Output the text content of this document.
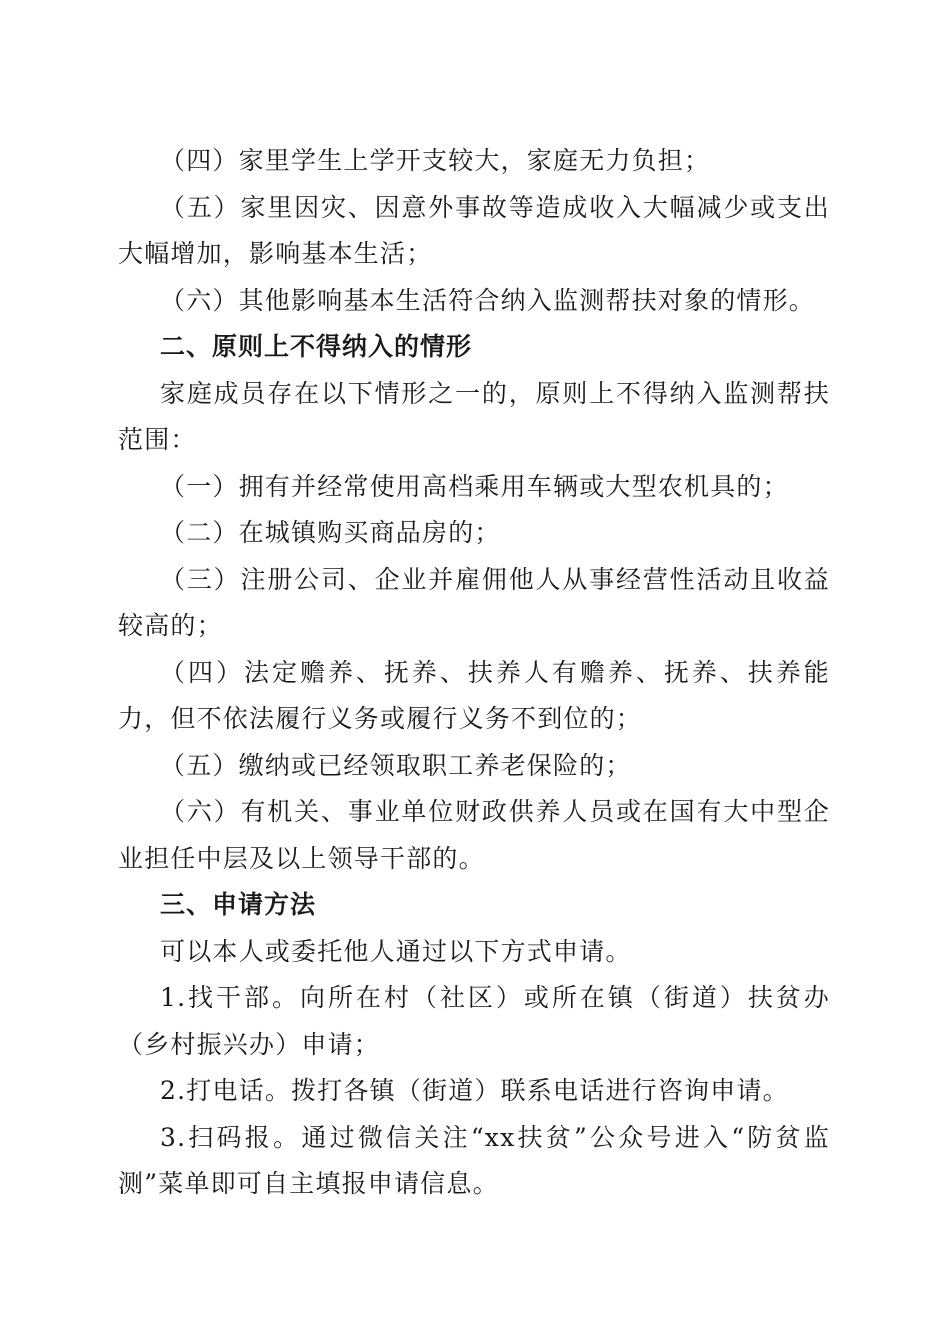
（四）家里学生上学开支较大，家庭无力负担；

（五）家里因灾、因意外事故等造成收入大幅减少或支出大幅增加，影响基本生活；

（六）其他影响基本生活符合纳入监测帮扶对象的情形。

二、原则上不得纳入的情形

家庭成员存在以下情形之一的，原则上不得纳入监测帮扶范围：

（一）拥有并经常使用高档乘用车辆或大型农机具的；

（二）在城镇购买商品房的；

（三）注册公司、企业并雇佣他人从事经营性活动且收益较高的；

（四）法定赡养、抚养、扶养人有赡养、抚养、扶养能力，但不依法履行义务或履行义务不到位的；

（五）缴纳或已经领取职工养老保险的；

（六）有机关、事业单位财政供养人员或在国有大中型企业担任中层及以上领导干部的。

三、申请方法

可以本人或委托他人通过以下方式申请。

1.找干部。向所在村（社区）或所在镇（街道）扶贫办（乡村振兴办）申请；

2.打电话。拨打各镇（街道）联系电话进行咨询申请。

3.扫码报。通过微信关注“xx扶贫”公众号进入“防贫监测”菜单即可自主填报申请信息。
